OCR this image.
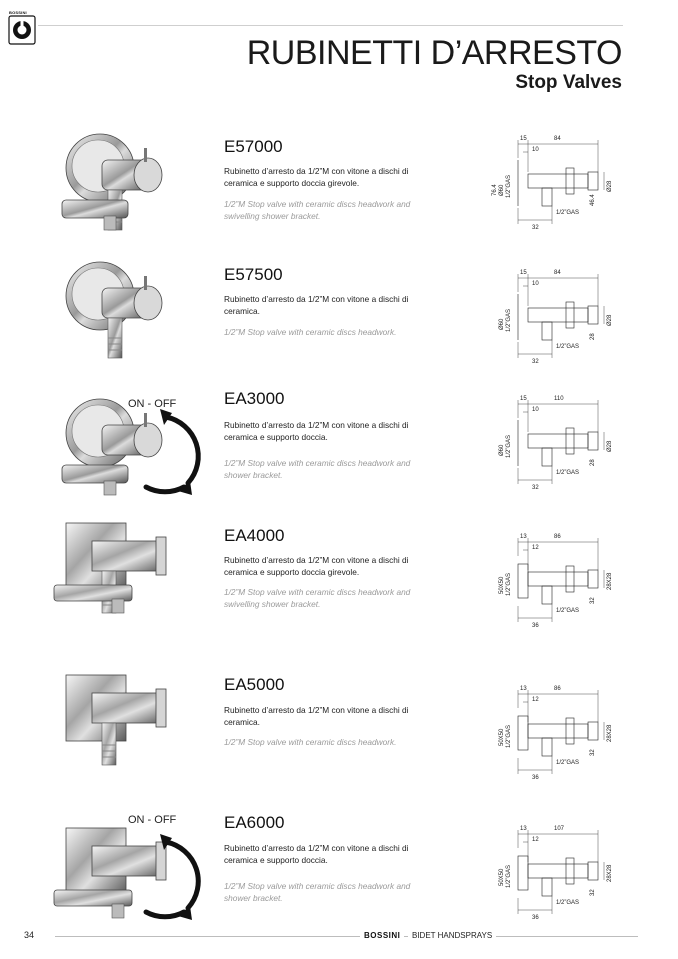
BOSSINI
RUBINETTI D’ARRESTO
Stop Valves
E57000
Rubinetto d’arresto da 1/2”M con vitone a dischi di ceramica e supporto doccia girevole.
1/2”M Stop valve with ceramic discs headwork and swivelling shower bracket.
15	84
10
76.4 Ø60 1/2”GAS
46.4
Ø28
1/2”GAS
32
E57500
Rubinetto d’arresto da 1/2”M con vitone a dischi di ceramica.
1/2”M Stop valve with ceramic discs headwork.
15	84
10
Ø60 1/2”GAS
28
Ø28
1/2”GAS
32
ON - OFF	EA3000
Rubinetto d’arresto da 1/2”M con vitone a dischi di ceramica e supporto doccia.
1/2”M Stop valve with ceramic discs headwork and shower bracket.
15	110
10
Ø60 1/2”GAS
28
Ø28
1/2”GAS
32
EA4000
Rubinetto d’arresto da 1/2”M con vitone a dischi di ceramica e supporto doccia girevole.
1/2”M Stop valve with ceramic discs headwork and swivelling shower bracket.
13	86
12
50X50 1/2”GAS
32
28X28
1/2”GAS
36
EA5000
Rubinetto d’arresto da 1/2”M con vitone a dischi di ceramica.
1/2”M Stop valve with ceramic discs headwork.
13	86
12
50X50 1/2”GAS
32
28X28
1/2”GAS
36
ON - OFF	EA6000
Rubinetto d’arresto da 1/2”M con vitone a dischi di ceramica e supporto doccia.
1/2”M Stop valve with ceramic discs headwork and shower bracket.
13	107
12
50X50 1/2”GAS
32
28X28
1/2”GAS
36
34	BOSSINI	BIDET HANDSPRAYS
